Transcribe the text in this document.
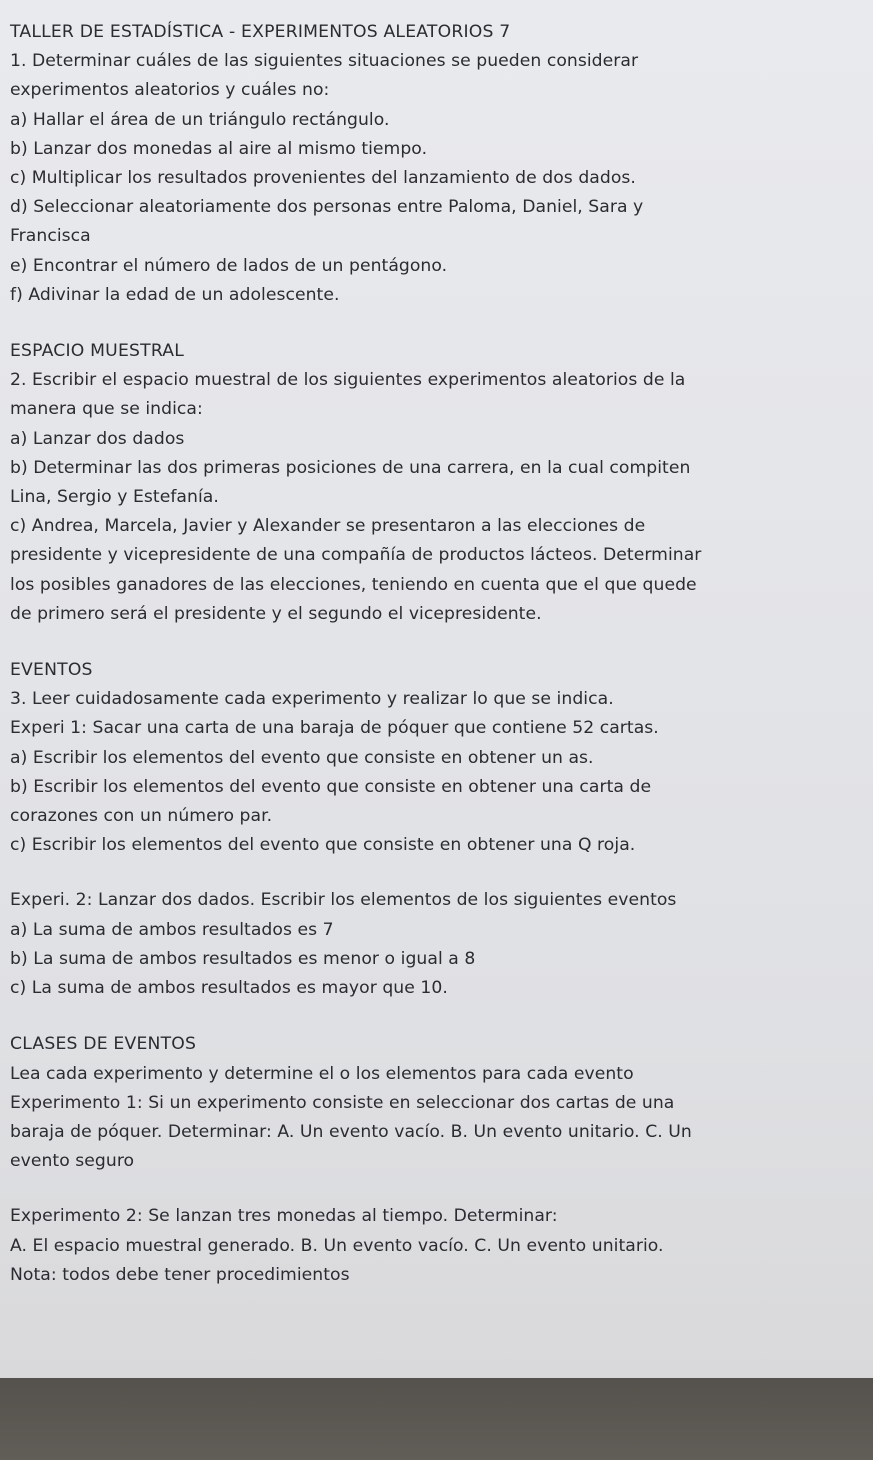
TALLER DE ESTADÍSTICA - EXPERIMENTOS ALEATORIOS 7
1. Determinar cuáles de las siguientes situaciones se pueden considerar
experimentos aleatorios y cuáles no:
a) Hallar el área de un triángulo rectángulo.
b) Lanzar dos monedas al aire al mismo tiempo.
c) Multiplicar los resultados provenientes del lanzamiento de dos dados.
d) Seleccionar aleatoriamente dos personas entre Paloma, Daniel, Sara y
Francisca
e) Encontrar el número de lados de un pentágono.
f) Adivinar la edad de un adolescente.
ESPACIO MUESTRAL
2. Escribir el espacio muestral de los siguientes experimentos aleatorios de la
manera que se indica:
a) Lanzar dos dados
b) Determinar las dos primeras posiciones de una carrera, en la cual compiten
Lina, Sergio y Estefanía.
c) Andrea, Marcela, Javier y Alexander se presentaron a las elecciones de
presidente y vicepresidente de una compañía de productos lácteos. Determinar
los posibles ganadores de las elecciones, teniendo en cuenta que el que quede
de primero será el presidente y el segundo el vicepresidente.
EVENTOS
3. Leer cuidadosamente cada experimento y realizar lo que se indica.
Experi 1: Sacar una carta de una baraja de póquer que contiene 52 cartas.
a) Escribir los elementos del evento que consiste en obtener un as.
b) Escribir los elementos del evento que consiste en obtener una carta de
corazones con un número par.
c) Escribir los elementos del evento que consiste en obtener una Q roja.
Experi. 2: Lanzar dos dados. Escribir los elementos de los siguientes eventos
a) La suma de ambos resultados es 7
b) La suma de ambos resultados es menor o igual a 8
c) La suma de ambos resultados es mayor que 10.
CLASES DE EVENTOS
Lea cada experimento y determine el o los elementos para cada evento
Experimento 1: Si un experimento consiste en seleccionar dos cartas de una
baraja de póquer. Determinar: A. Un evento vacío. B. Un evento unitario. C. Un
evento seguro
Experimento 2: Se lanzan tres monedas al tiempo. Determinar:
A. El espacio muestral generado. B. Un evento vacío. C. Un evento unitario.
Nota: todos debe tener procedimientos
